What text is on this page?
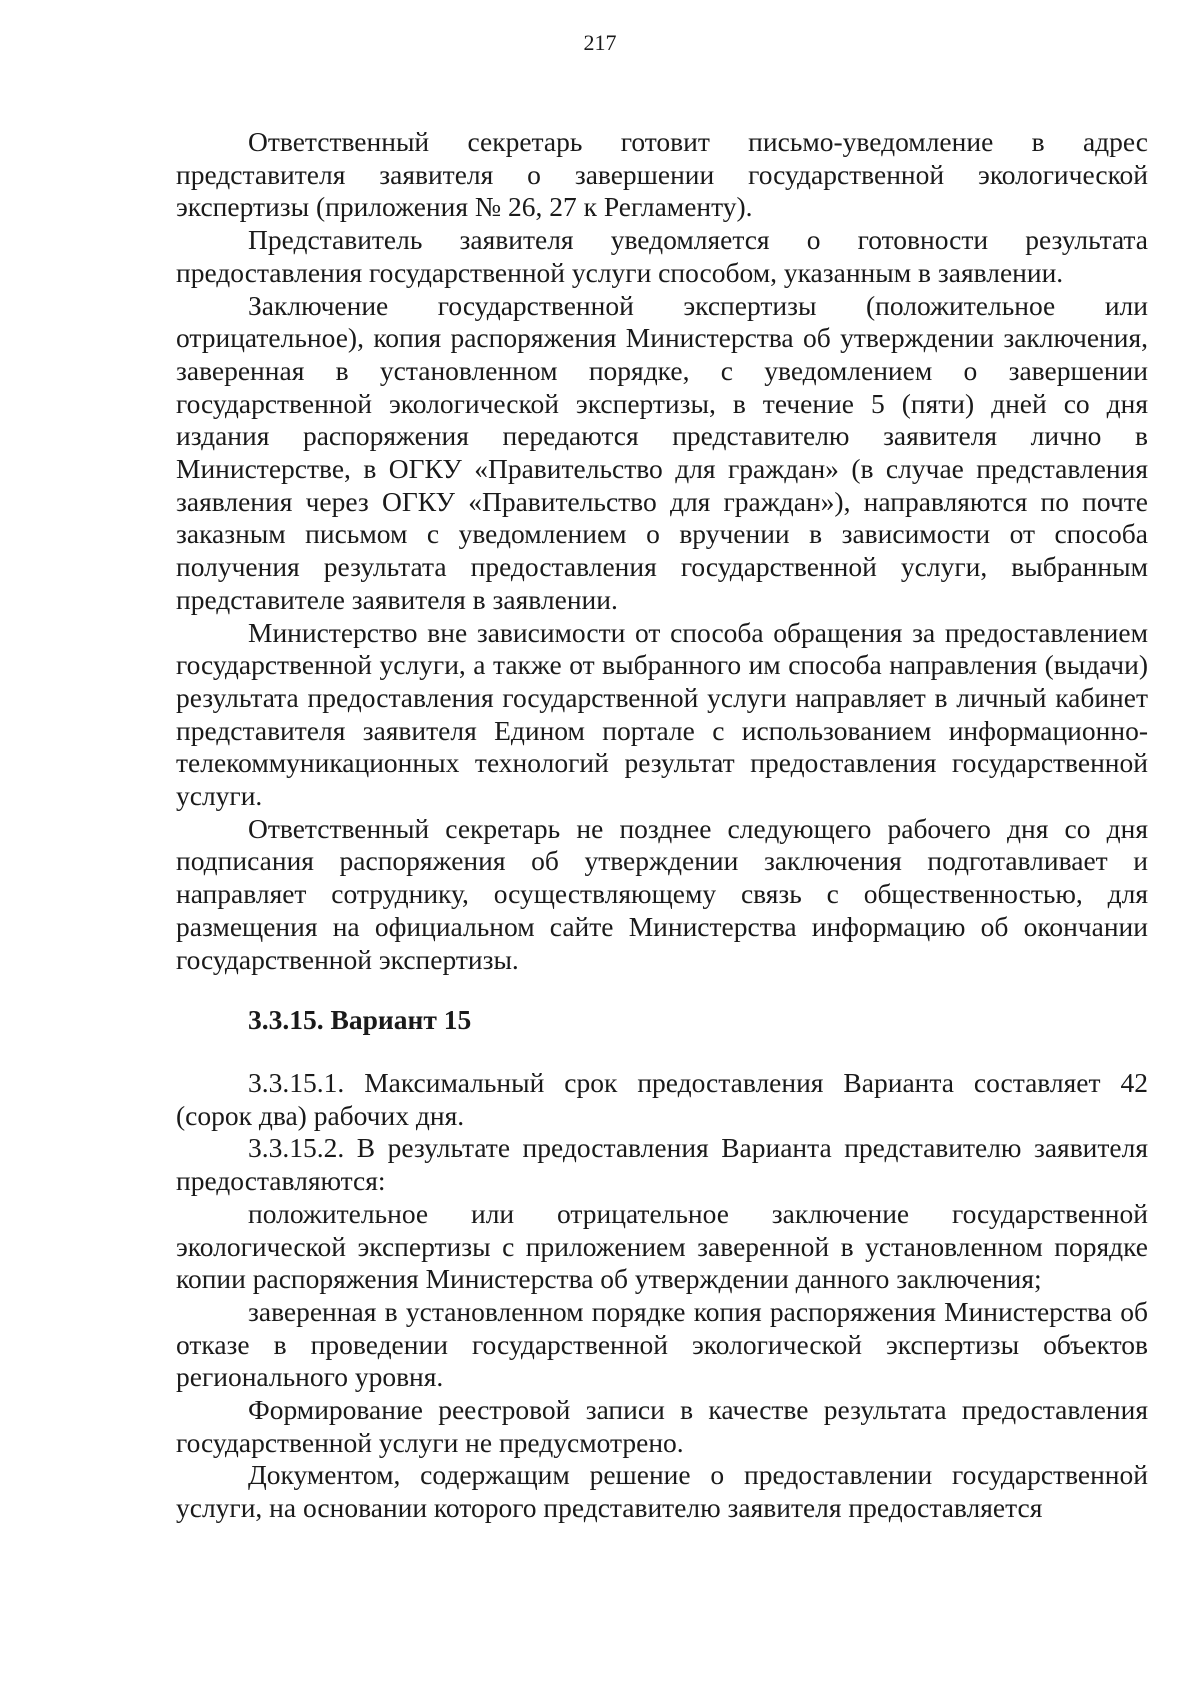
217

Ответственный секретарь готовит письмо-уведомление в адрес представителя заявителя о завершении государственной экологической экспертизы (приложения № 26, 27 к Регламенту).

Представитель заявителя уведомляется о готовности результата предоставления государственной услуги способом, указанным в заявлении.

Заключение государственной экспертизы (положительное или отрицательное), копия распоряжения Министерства об утверждении заключения, заверенная в установленном порядке, с уведомлением о завершении государственной экологической экспертизы, в течение 5 (пяти) дней со дня издания распоряжения передаются представителю заявителя лично в Министерстве, в ОГКУ «Правительство для граждан» (в случае представления заявления через ОГКУ «Правительство для граждан»), направляются по почте заказным письмом с уведомлением о вручении в зависимости от способа получения результата предоставления государственной услуги, выбранным представителе заявителя в заявлении.

Министерство вне зависимости от способа обращения за предоставлением государственной услуги, а также от выбранного им способа направления (выдачи) результата предоставления государственной услуги направляет в личный кабинет представителя заявителя Едином портале с использованием информационно-телекоммуникационных технологий результат предоставления государственной услуги.

Ответственный секретарь не позднее следующего рабочего дня со дня подписания распоряжения об утверждении заключения подготавливает и направляет сотруднику, осуществляющему связь с общественностью, для размещения на официальном сайте Министерства информацию об окончании государственной экспертизы.

3.3.15. Вариант 15

3.3.15.1. Максимальный срок предоставления Варианта составляет 42 (сорок два) рабочих дня.

3.3.15.2. В результате предоставления Варианта представителю заявителя предоставляются:

положительное или отрицательное заключение государственной экологической экспертизы с приложением заверенной в установленном порядке копии распоряжения Министерства об утверждении данного заключения;

заверенная в установленном порядке копия распоряжения Министерства об отказе в проведении государственной экологической экспертизы объектов регионального уровня.

Формирование реестровой записи в качестве результата предоставления государственной услуги не предусмотрено.

Документом, содержащим решение о предоставлении государственной услуги, на основании которого представителю заявителя предоставляется
